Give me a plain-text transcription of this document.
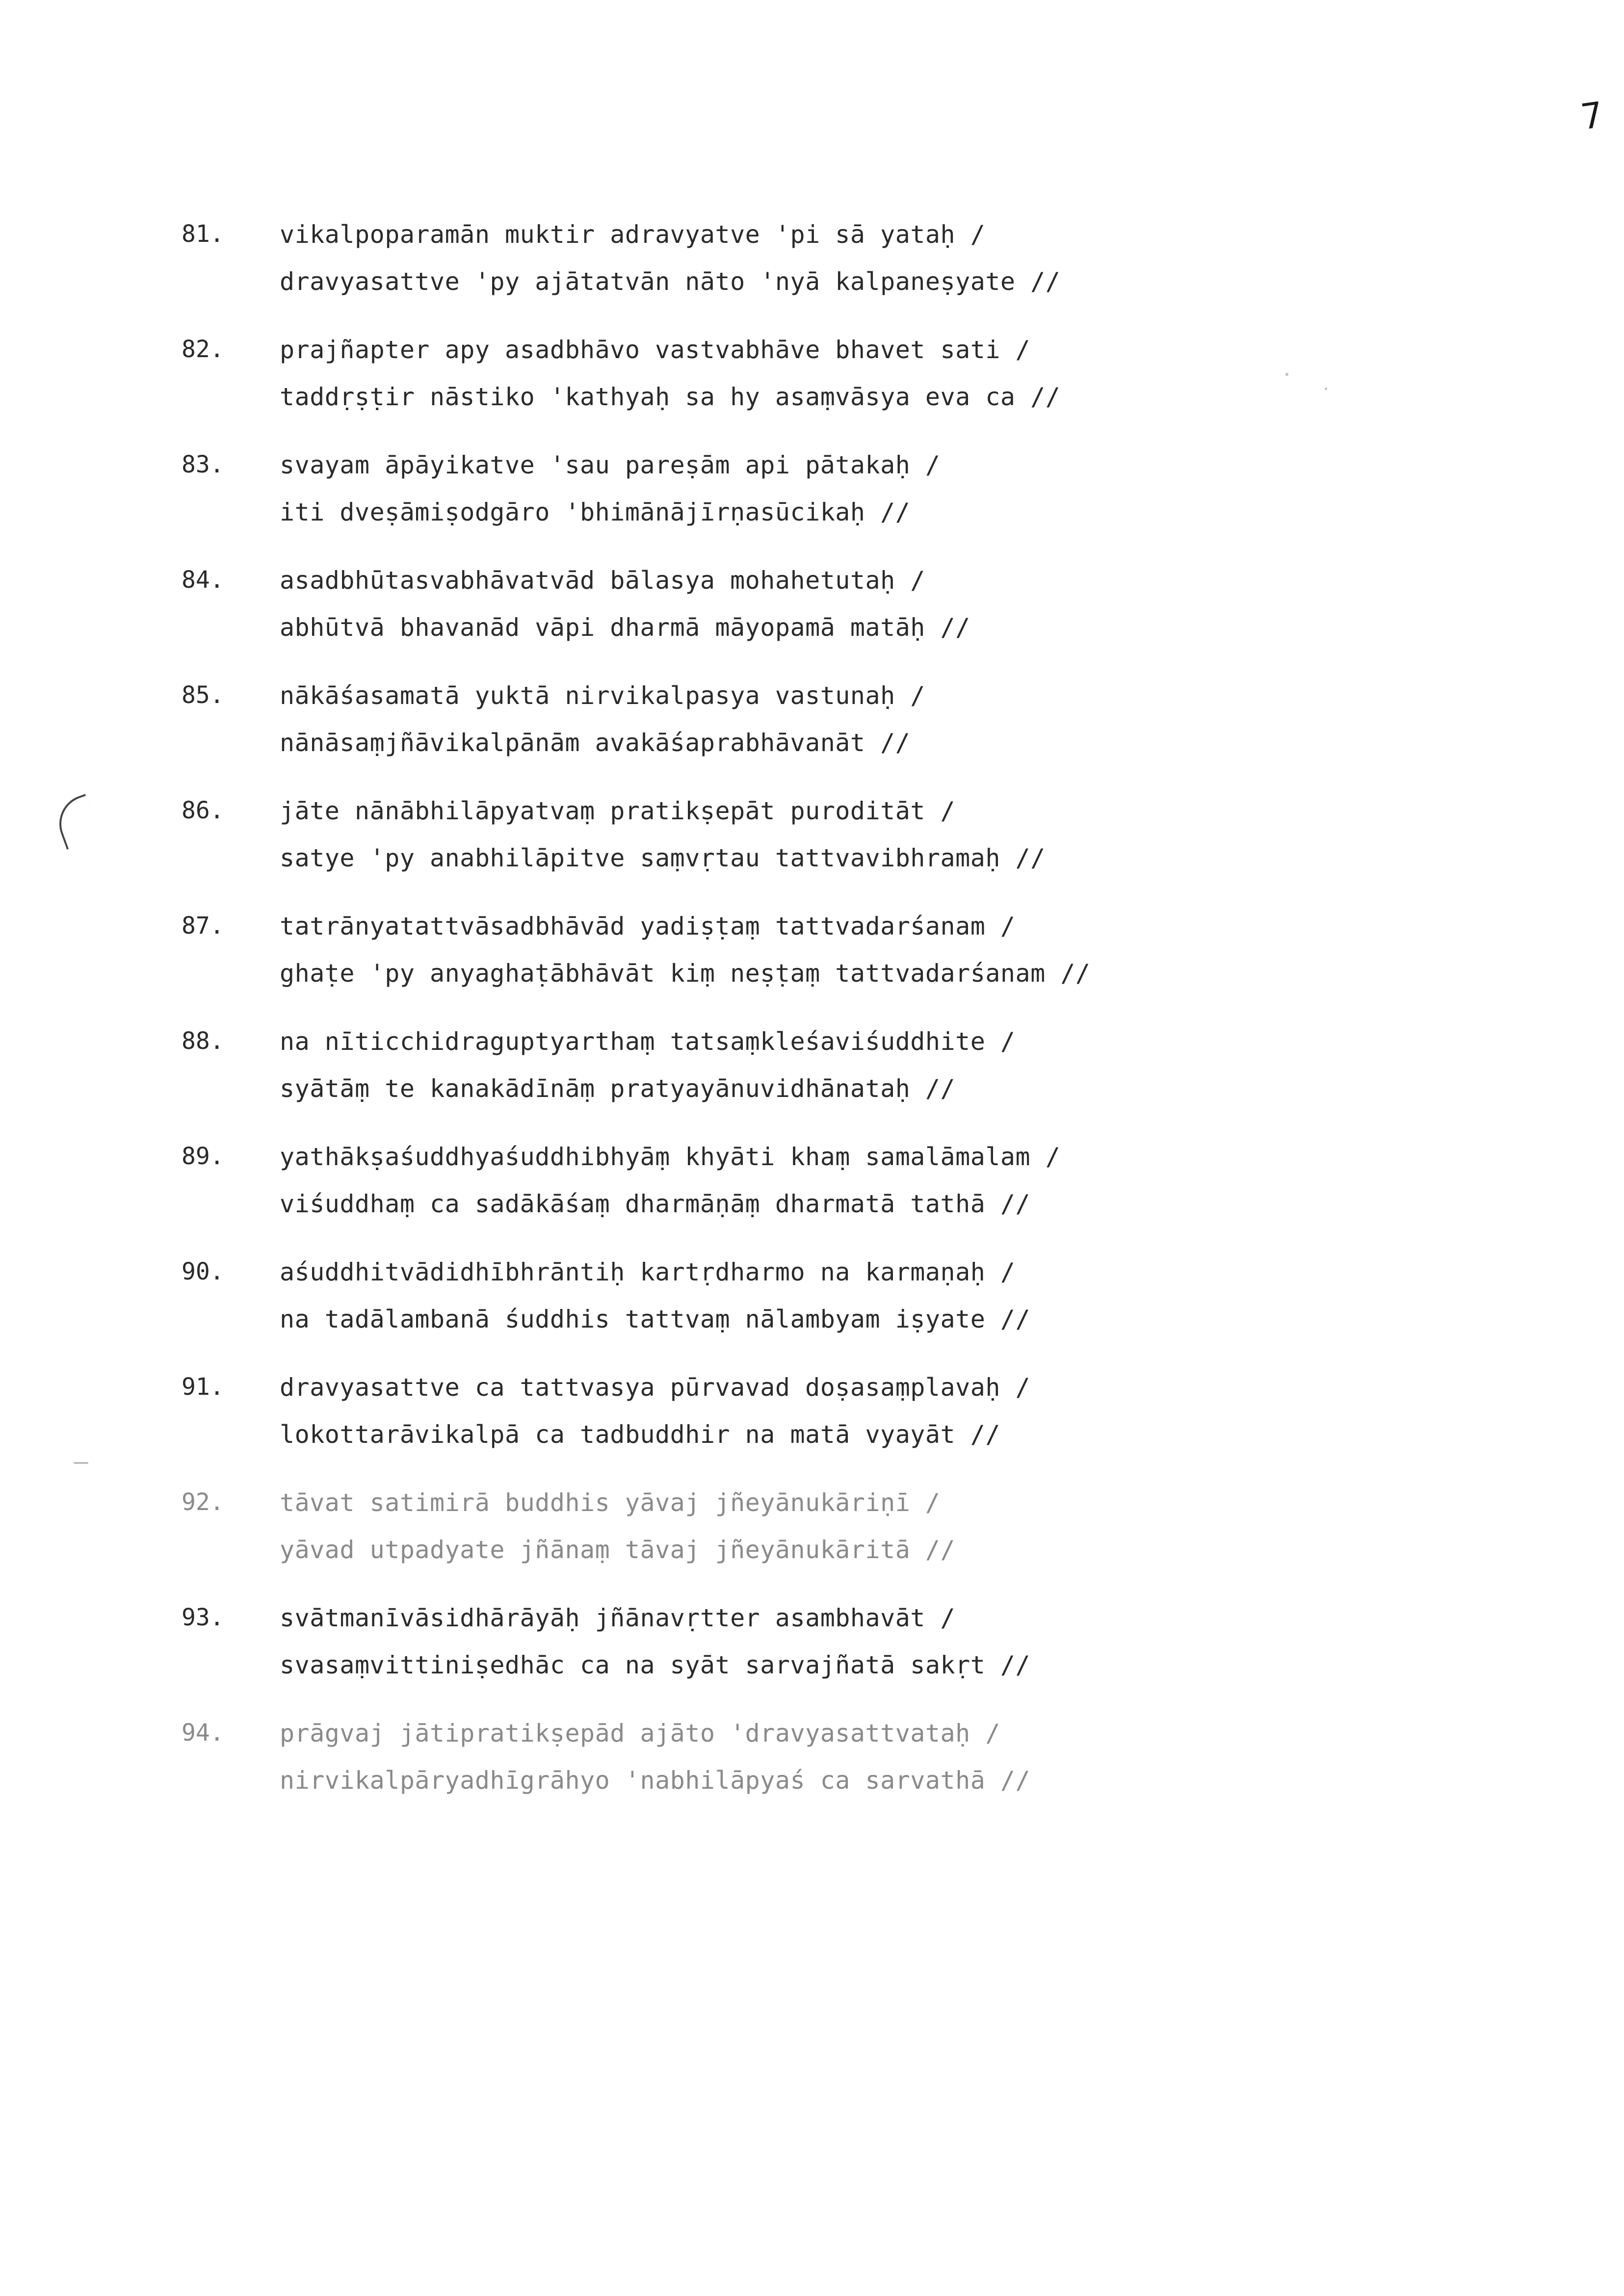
7
81. vikalpoparamān muktir adravyatve 'pi sā yataḥ /
dravyasattve 'py ajātatvān nāto 'nyā kalpaneṣyate //
82. prajñapter apy asadbhāvo vastvabhāve bhavet sati /
taddṛṣṭir nāstiko 'kathyaḥ sa hy asaṃvāsya eva ca //
83. svayam āpāyikatve 'sau pareṣām api pātakaḥ /
iti dveṣāmiṣodgāro 'bhimānājīrṇasūcikaḥ //
84. asadbhūtasvabhāvatvād bālasya mohahetutaḥ /
abhūtvā bhavanād vāpi dharmā māyopamā matāḥ //
85. nākāśasamatā yuktā nirvikalpasya vastunaḥ /
nānāsaṃjñāvikalpānām avakāśaprabhāvanāt //
86. jāte nānābhilāpyatvaṃ pratikṣepāt puroditāt /
satye 'py anabhilāpitve saṃvṛtau tattvavibhramaḥ //
87. tatrānyatattvāsadbhāvād yadiṣṭaṃ tattvadarśanam /
ghaṭe 'py anyaghaṭābhāvāt kiṃ neṣṭaṃ tattvadarśanam //
88. na nīticchidraguptyarthaṃ tatsaṃkleśaviśuddhite /
syātāṃ te kanakādīnāṃ pratyayānuvidhānataḥ //
89. yathākṣaśuddhyaśuddhibhyāṃ khyāti khaṃ samalāmalam /
viśuddhaṃ ca sadākāśaṃ dharmāṇāṃ dharmatā tathā //
90. aśuddhitvādidhībhrāntiḥ kartṛdharmo na karmaṇaḥ /
na tadālambanā śuddhis tattvaṃ nālambyam iṣyate //
91. dravyasattve ca tattvasya pūrvavad doṣasaṃplavaḥ /
lokottarāvikalpā ca tadbuddhir na matā vyayāt //
92. tāvat satimirā buddhis yāvaj jñeyānukāriṇī /
yāvad utpadyate jñānaṃ tāvaj jñeyānukāritā //
93. svātmanīvāsidhārāyāḥ jñānavṛtter asambhavāt /
svasaṃvittiniṣedhāc ca na syāt sarvajñatā sakṛt //
94. prāgvaj jātipratikṣepād ajāto 'dravyasattvataḥ /
nirvikalpāryadhīgrāhyo 'nabhilāpyaś ca sarvathā //
